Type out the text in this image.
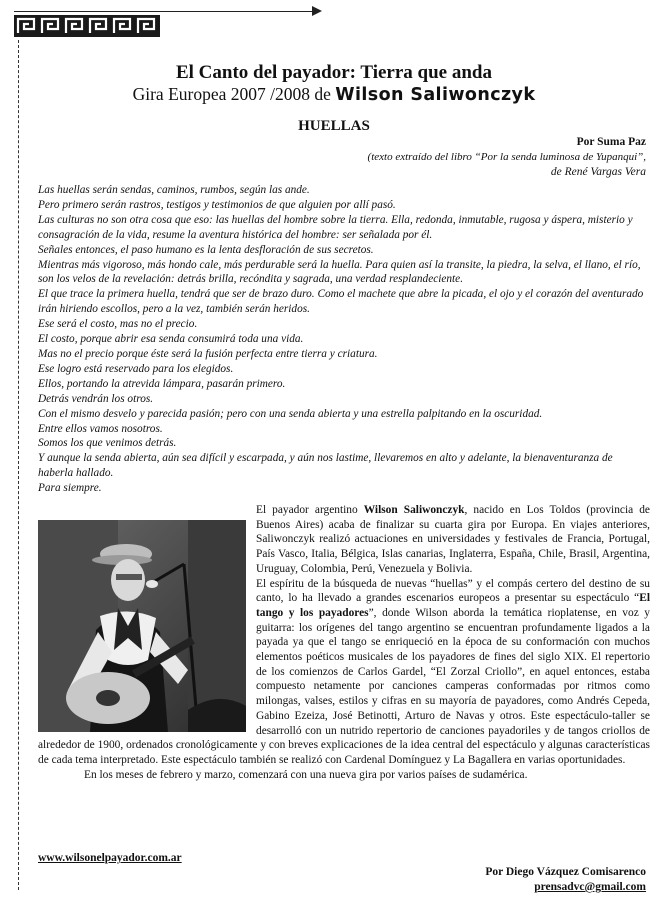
El Canto del payador: Tierra que anda
Gira Europea 2007 /2008 de Wilson Saliwonczyk
HUELLAS
Por Suma Paz
(texto extraído del libro “Por la senda luminosa de Yupanqui”,
de René Vargas Vera
Las huellas serán sendas, caminos, rumbos, según las ande.
Pero primero serán rastros, testigos y testimonios de que alguien por allí pasó.
Las culturas no son otra cosa que eso: las huellas del hombre sobre la tierra. Ella, redonda, inmutable, rugosa y áspera, misterio y consagración de la vida, resume la aventura histórica del hombre: ser señalada por él.
Señales entonces, el paso humano es la lenta desfloración de sus secretos.
Mientras más vigoroso, más hondo cale, más perdurable será la huella. Para quien así la transite, la piedra, la selva, el llano, el río, son los velos de la revelación: detrás brilla, recóndita y sagrada, una verdad resplandeciente.
El que trace la primera huella, tendrá que ser de brazo duro. Como el machete que abre la picada, el ojo y el corazón del aventurado irán hiriendo escollos, pero a la vez, también serán heridos.
Ese será el costo, mas no el precio.
El costo, porque abrir esa senda consumirá toda una vida.
Mas no el precio porque éste será la fusión perfecta entre tierra y criatura.
Ese logro está reservado para los elegidos.
Ellos, portando la atrevida lámpara, pasarán primero.
Detrás vendrán los otros.
Con el mismo desvelo y parecida pasión; pero con una senda abierta y una estrella palpitando en la oscuridad.
Entre ellos vamos nosotros.
Somos los que venimos detrás.
Y aunque la senda abierta, aún sea difícil y escarpada, y aún nos lastime, llevaremos en alto y adelante, la bienaventuranza de haberla hallado.
Para siempre.

El payador argentino Wilson Saliwonczyk, nacido en Los Toldos (provincia de Buenos Aires) acaba de finalizar su cuarta gira por Europa. En viajes anteriores, Saliwonczyk realizó actuaciones en universidades y festivales de Francia, Portugal, País Vasco, Italia, Bélgica, Islas canarias, Inglaterra, España, Chile, Brasil, Argentina, Uruguay, Colombia, Perú, Venezuela y Bolivia.

El espíritu de la búsqueda de nuevas “huellas” y el compás certero del destino de su canto, lo ha llevado a grandes escenarios europeos a presentar su espectáculo “El tango y los payadores”, donde Wilson aborda la temática rioplatense, en voz y guitarra: los orígenes del tango argentino se encuentran profundamente ligados a la payada ya que el tango se enriqueció en la época de su conformación con muchos elementos poéticos musicales de los payadores de fines del siglo XIX. El repertorio de los comienzos de Carlos Gardel, “El Zorzal Criollo”, en aquel entonces, estaba compuesto netamente por canciones camperas conformadas por ritmos como milongas, valses, estilos y cifras en su mayoría de payadores, como Andrés Cepeda, Gabino Ezeiza, José Betinotti, Arturo de Navas y otros. Este espectáculo-taller se desarrolló con un nutrido repertorio de canciones payadoriles y de tangos criollos de alrededor de 1900, ordenados cronológicamente y con breves explicaciones de la idea central del espectáculo y algunas características de cada tema interpretado. Este espectáculo también se realizó con Cardenal Domínguez y La Bagallera en varias oportunidades.

En los meses de febrero y marzo, comenzará con una nueva gira por varios países de sudamérica.

www.wilsonelpayador.com.ar
Por Diego Vázquez Comisarenco
prensadvc@gmail.com
